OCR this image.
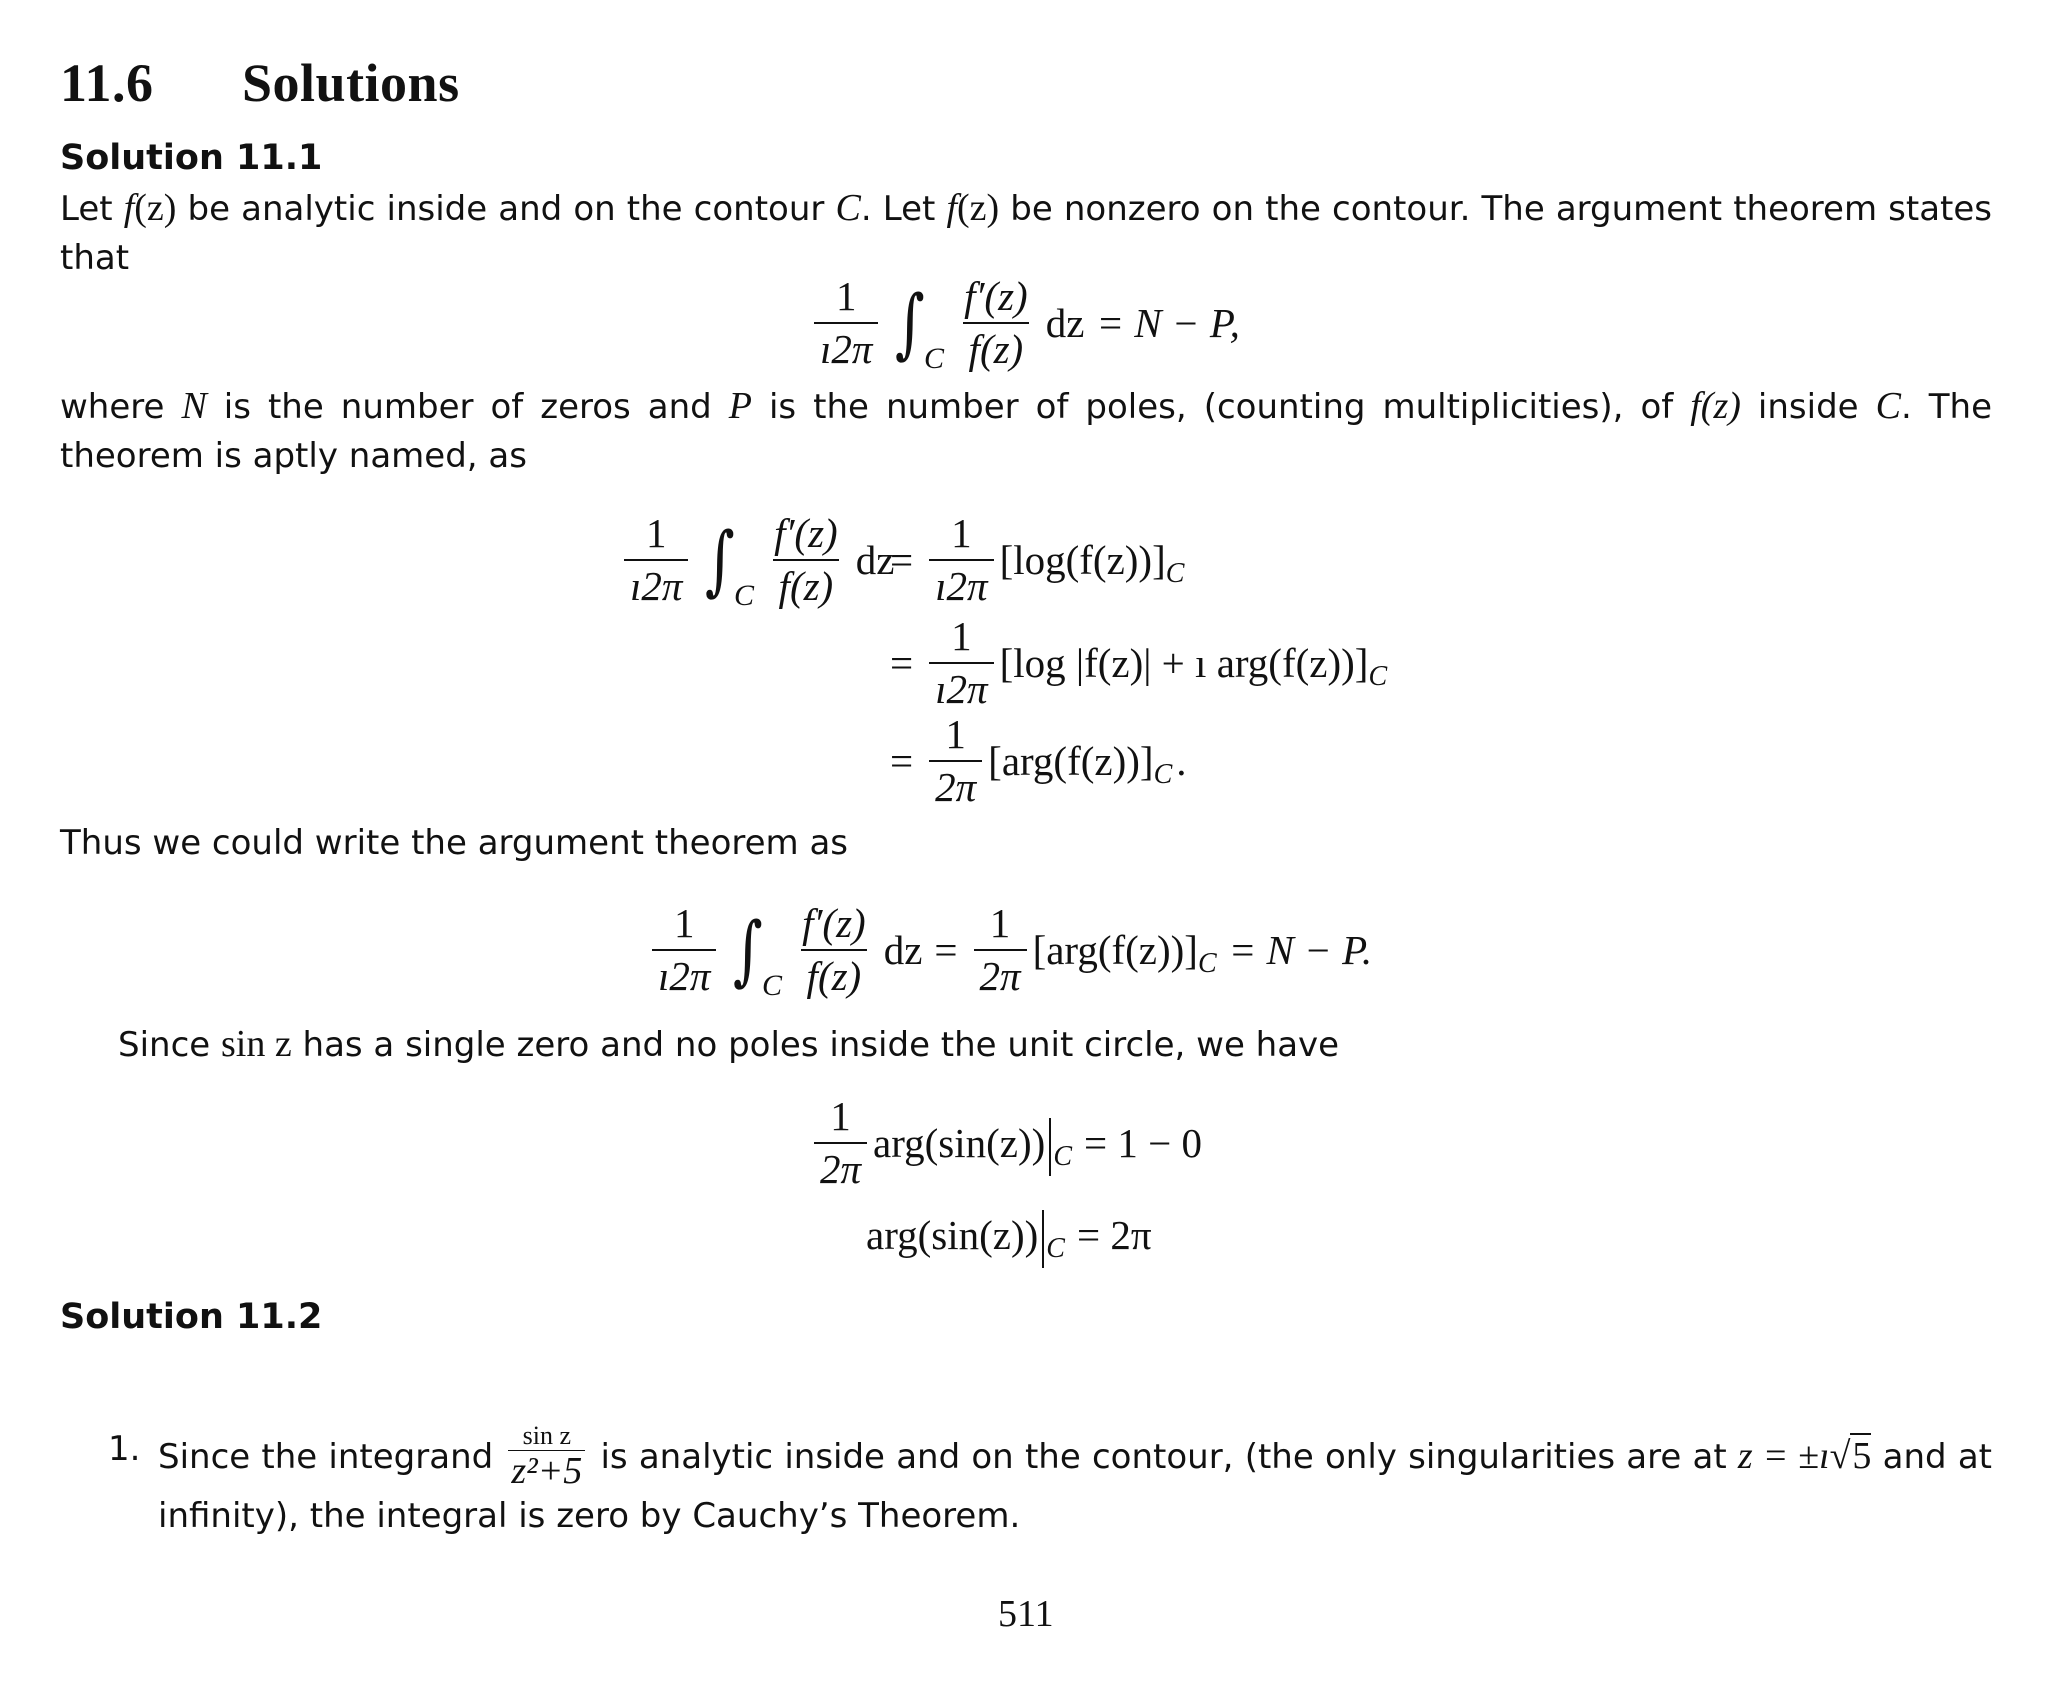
11.6 Solutions
Solution 11.1
Let f(z) be analytic inside and on the contour C. Let f(z) be nonzero on the contour. The argument theorem states that
$\frac{1}{ı2\pi}$ ∫
C $\frac{f'(z)}{f(z)}$ dz = N − P,
where N is the number of zeros and P is the number of poles, (counting multiplicities), of f(z) inside C. The theorem is aptly named, as
$\frac{1}{ı2\pi}$ ∫
C $\frac{f'(z)}{f(z)}$ dz
= $\frac{1}{ı2\pi} [\log(f(z))]$ C
= $\frac{1}{ı2\pi} [\log$ |f(z)| + ı arg(f(z))] C
= $\frac{1}{2\pi} [arg(f(z))]$ C .
Thus we could write the argument theorem as
$\frac{1}{ı2\pi}$ ∫
C $\frac{f'(z)}{f(z)}$ dz = $\frac{1}{2\pi} [arg(f(z))] C = N - P$.
Since sin z has a single zero and no poles inside the unit circle, we have
$\frac{1}{2\pi} arg(\sin(z)) C = 1 - 0$
arg(sin(z)) C = 2π
Solution 11.2
1. Since the integrand $\frac{\text{sin z}}{\text{z²+5}}$ is analytic inside and on the contour, (the only singularities are at z = ±ı√5 and at infinity), the integral is zero by Cauchy’s Theorem.
511
